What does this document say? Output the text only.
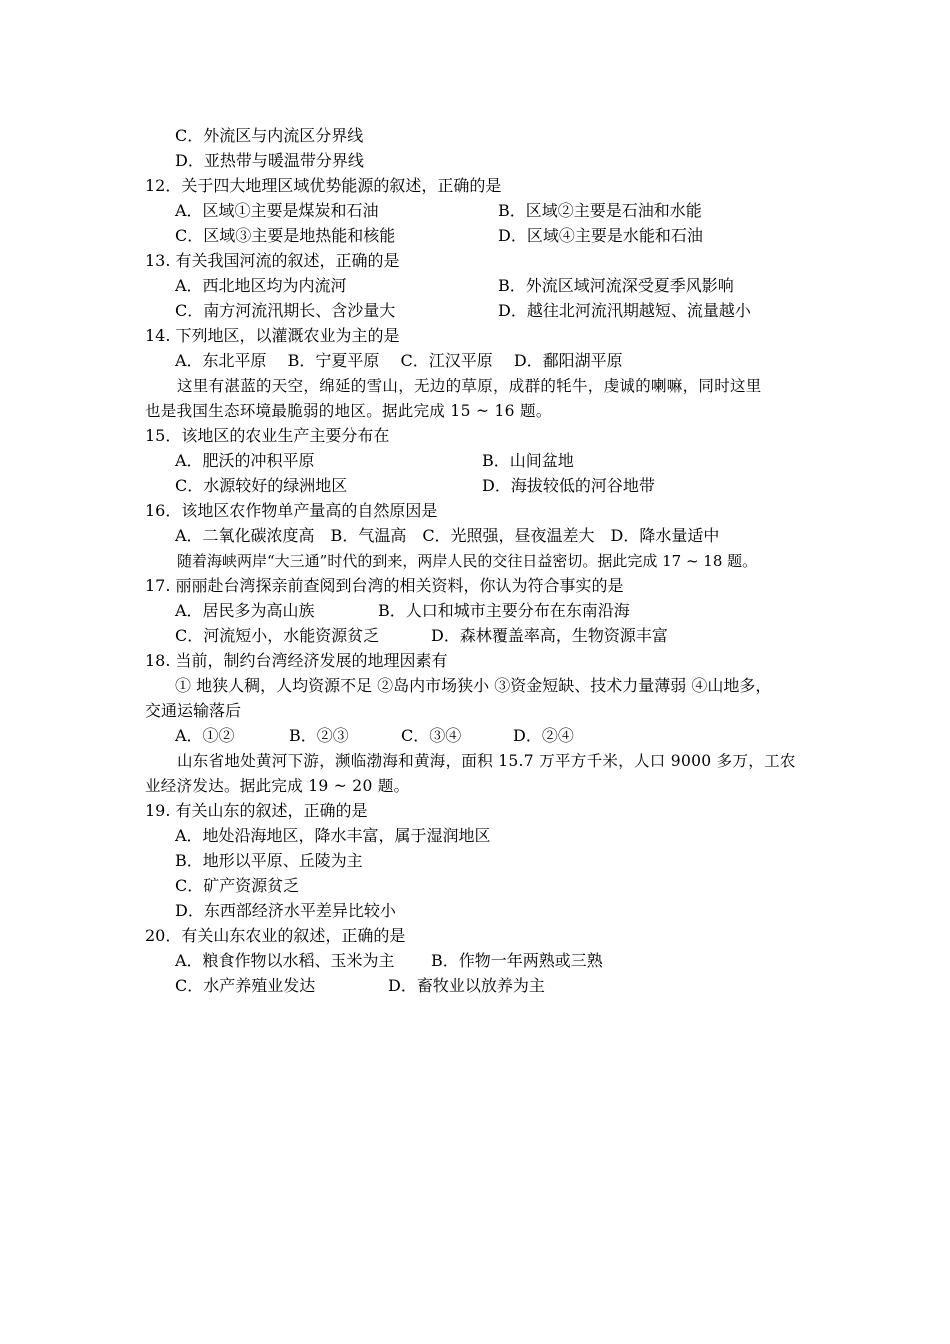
C．外流区与内流区分界线
D．亚热带与暖温带分界线
12．关于四大地理区域优势能源的叙述，正确的是
A．区域①主要是煤炭和石油	B．区域②主要是石油和水能
C．区域③主要是地热能和核能	D．区域④主要是水能和石油
13. 有关我国河流的叙述，正确的是
A．西北地区均为内流河	B．外流区域河流深受夏季风影响
C．南方河流汛期长、含沙量大	D．越往北河流汛期越短、流量越小
14. 下列地区，以灌溉农业为主的是
A．东北平原　 B．宁夏平原　 C．江汉平原　 D．鄱阳湖平原
这里有湛蓝的天空，绵延的雪山，无边的草原，成群的牦牛，虔诚的喇嘛，同时这里
也是我国生态环境最脆弱的地区。据此完成 15 ~ 16 题。
15．该地区的农业生产主要分布在
A．肥沃的冲积平原	B．山间盆地
C．水源较好的绿洲地区	D．海拔较低的河谷地带
16．该地区农作物单产量高的自然原因是
A．二氧化碳浓度高　B．气温高　C．光照强，昼夜温差大　D．降水量适中
随着海峡两岸“大三通”时代的到来，两岸人民的交往日益密切。据此完成 17 ~ 18 题。
17. 丽丽赴台湾探亲前查阅到台湾的相关资料，你认为符合事实的是
A．居民多为高山族	B．人口和城市主要分布在东南沿海
C．河流短小，水能资源贫乏	D．森林覆盖率高，生物资源丰富
18. 当前，制约台湾经济发展的地理因素有
① 地狭人稠，人均资源不足 ②岛内市场狭小 ③资金短缺、技术力量薄弱 ④山地多，
交通运输落后
A．①②	B．②③	C．③④	D．②④
山东省地处黄河下游，濒临渤海和黄海，面积 15.7 万平方千米，人口 9000 多万，工农
业经济发达。据此完成 19 ~ 20 题。
19. 有关山东的叙述，正确的是
A．地处沿海地区，降水丰富，属于湿润地区
B．地形以平原、丘陵为主
C．矿产资源贫乏
D．东西部经济水平差异比较小
20．有关山东农业的叙述，正确的是
A．粮食作物以水稻、玉米为主 B．作物一年两熟或三熟
C．水产养殖业发达	D．畜牧业以放养为主
